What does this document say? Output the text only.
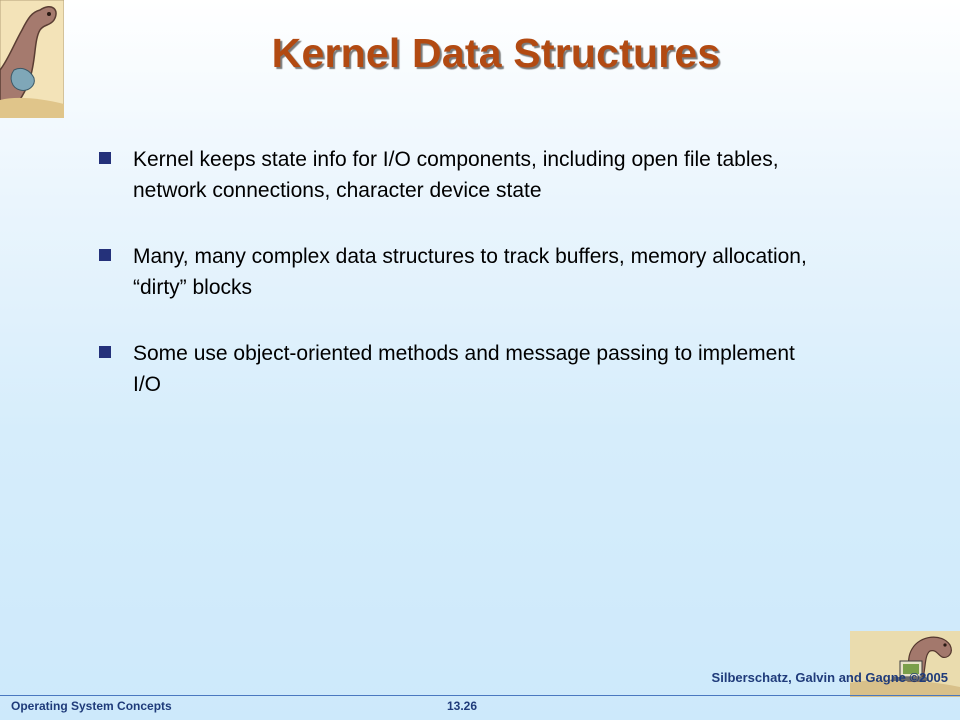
Kernel Data Structures
Kernel keeps state info for I/O components, including open file tables, network connections, character device state
Many, many complex data structures to track buffers, memory allocation, “dirty” blocks
Some use object-oriented methods and message passing to implement I/O
Operating System Concepts	13.26
Silberschatz, Galvin and Gagne ©2005
